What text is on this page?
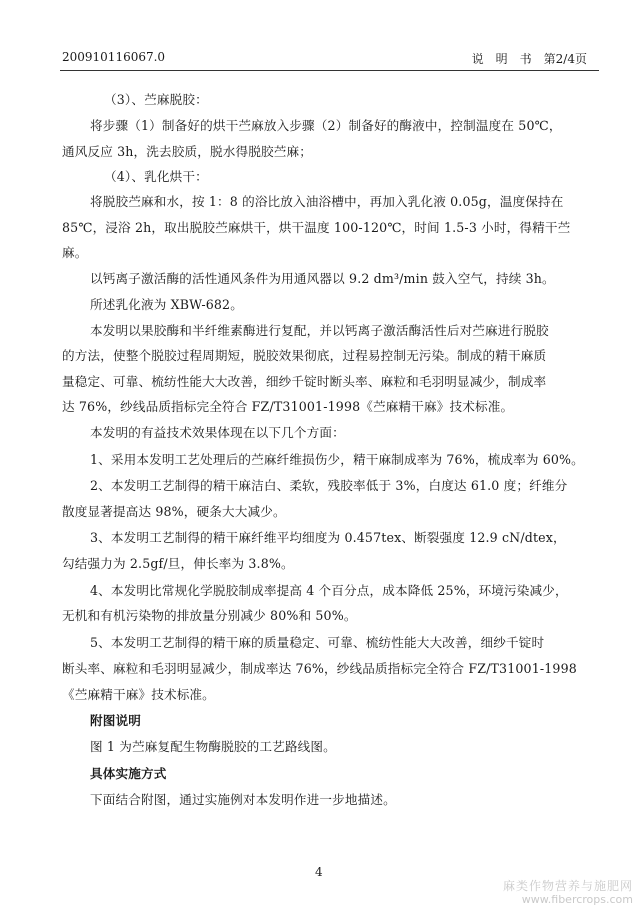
200910116067.0	说　明　书　第2/4页
（3）、苎麻脱胶：
将步骤（1）制备好的烘干苎麻放入步骤（2）制备好的酶液中，控制温度在 50℃，
通风反应 3h，洗去胶质，脱水得脱胶苎麻；
（4）、乳化烘干：
将脱胶苎麻和水，按 1：8 的浴比放入油浴槽中，再加入乳化液 0.05g，温度保持在
85℃，浸浴 2h，取出脱胶苎麻烘干，烘干温度 100-120℃，时间 1.5-3 小时，得精干苎
麻。
以钙离子激活酶的活性通风条件为用通风器以 9.2 dm³/min 鼓入空气，持续 3h。
所述乳化液为 XBW-682。
本发明以果胶酶和半纤维素酶进行复配，并以钙离子激活酶活性后对苎麻进行脱胶
的方法，使整个脱胶过程周期短，脱胶效果彻底，过程易控制无污染。制成的精干麻质
量稳定、可靠、梳纺性能大大改善，细纱千锭时断头率、麻粒和毛羽明显减少，制成率
达 76%，纱线品质指标完全符合 FZ/T31001-1998《苎麻精干麻》技术标准。
本发明的有益技术效果体现在以下几个方面：
1、采用本发明工艺处理后的苎麻纤维损伤少，精干麻制成率为 76%，梳成率为 60%。
2、本发明工艺制得的精干麻洁白、柔软，残胶率低于 3%，白度达 61.0 度；纤维分
散度显著提高达 98%，硬条大大减少。
3、本发明工艺制得的精干麻纤维平均细度为 0.457tex、断裂强度 12.9 cN/dtex，
勾结强力为 2.5gf/旦，伸长率为 3.8%。
4、本发明比常规化学脱胶制成率提高 4 个百分点，成本降低 25%，环境污染减少，
无机和有机污染物的排放量分别减少 80%和 50%。
5、本发明工艺制得的精干麻的质量稳定、可靠、梳纺性能大大改善，细纱千锭时
断头率、麻粒和毛羽明显减少，制成率达 76%，纱线品质指标完全符合 FZ/T31001-1998
《苎麻精干麻》技术标准。
附图说明
图 1 为苎麻复配生物酶脱胶的工艺路线图。
具体实施方式
下面结合附图，通过实施例对本发明作进一步地描述。
4
麻类作物营养与施肥网
www.fibercrops.com
